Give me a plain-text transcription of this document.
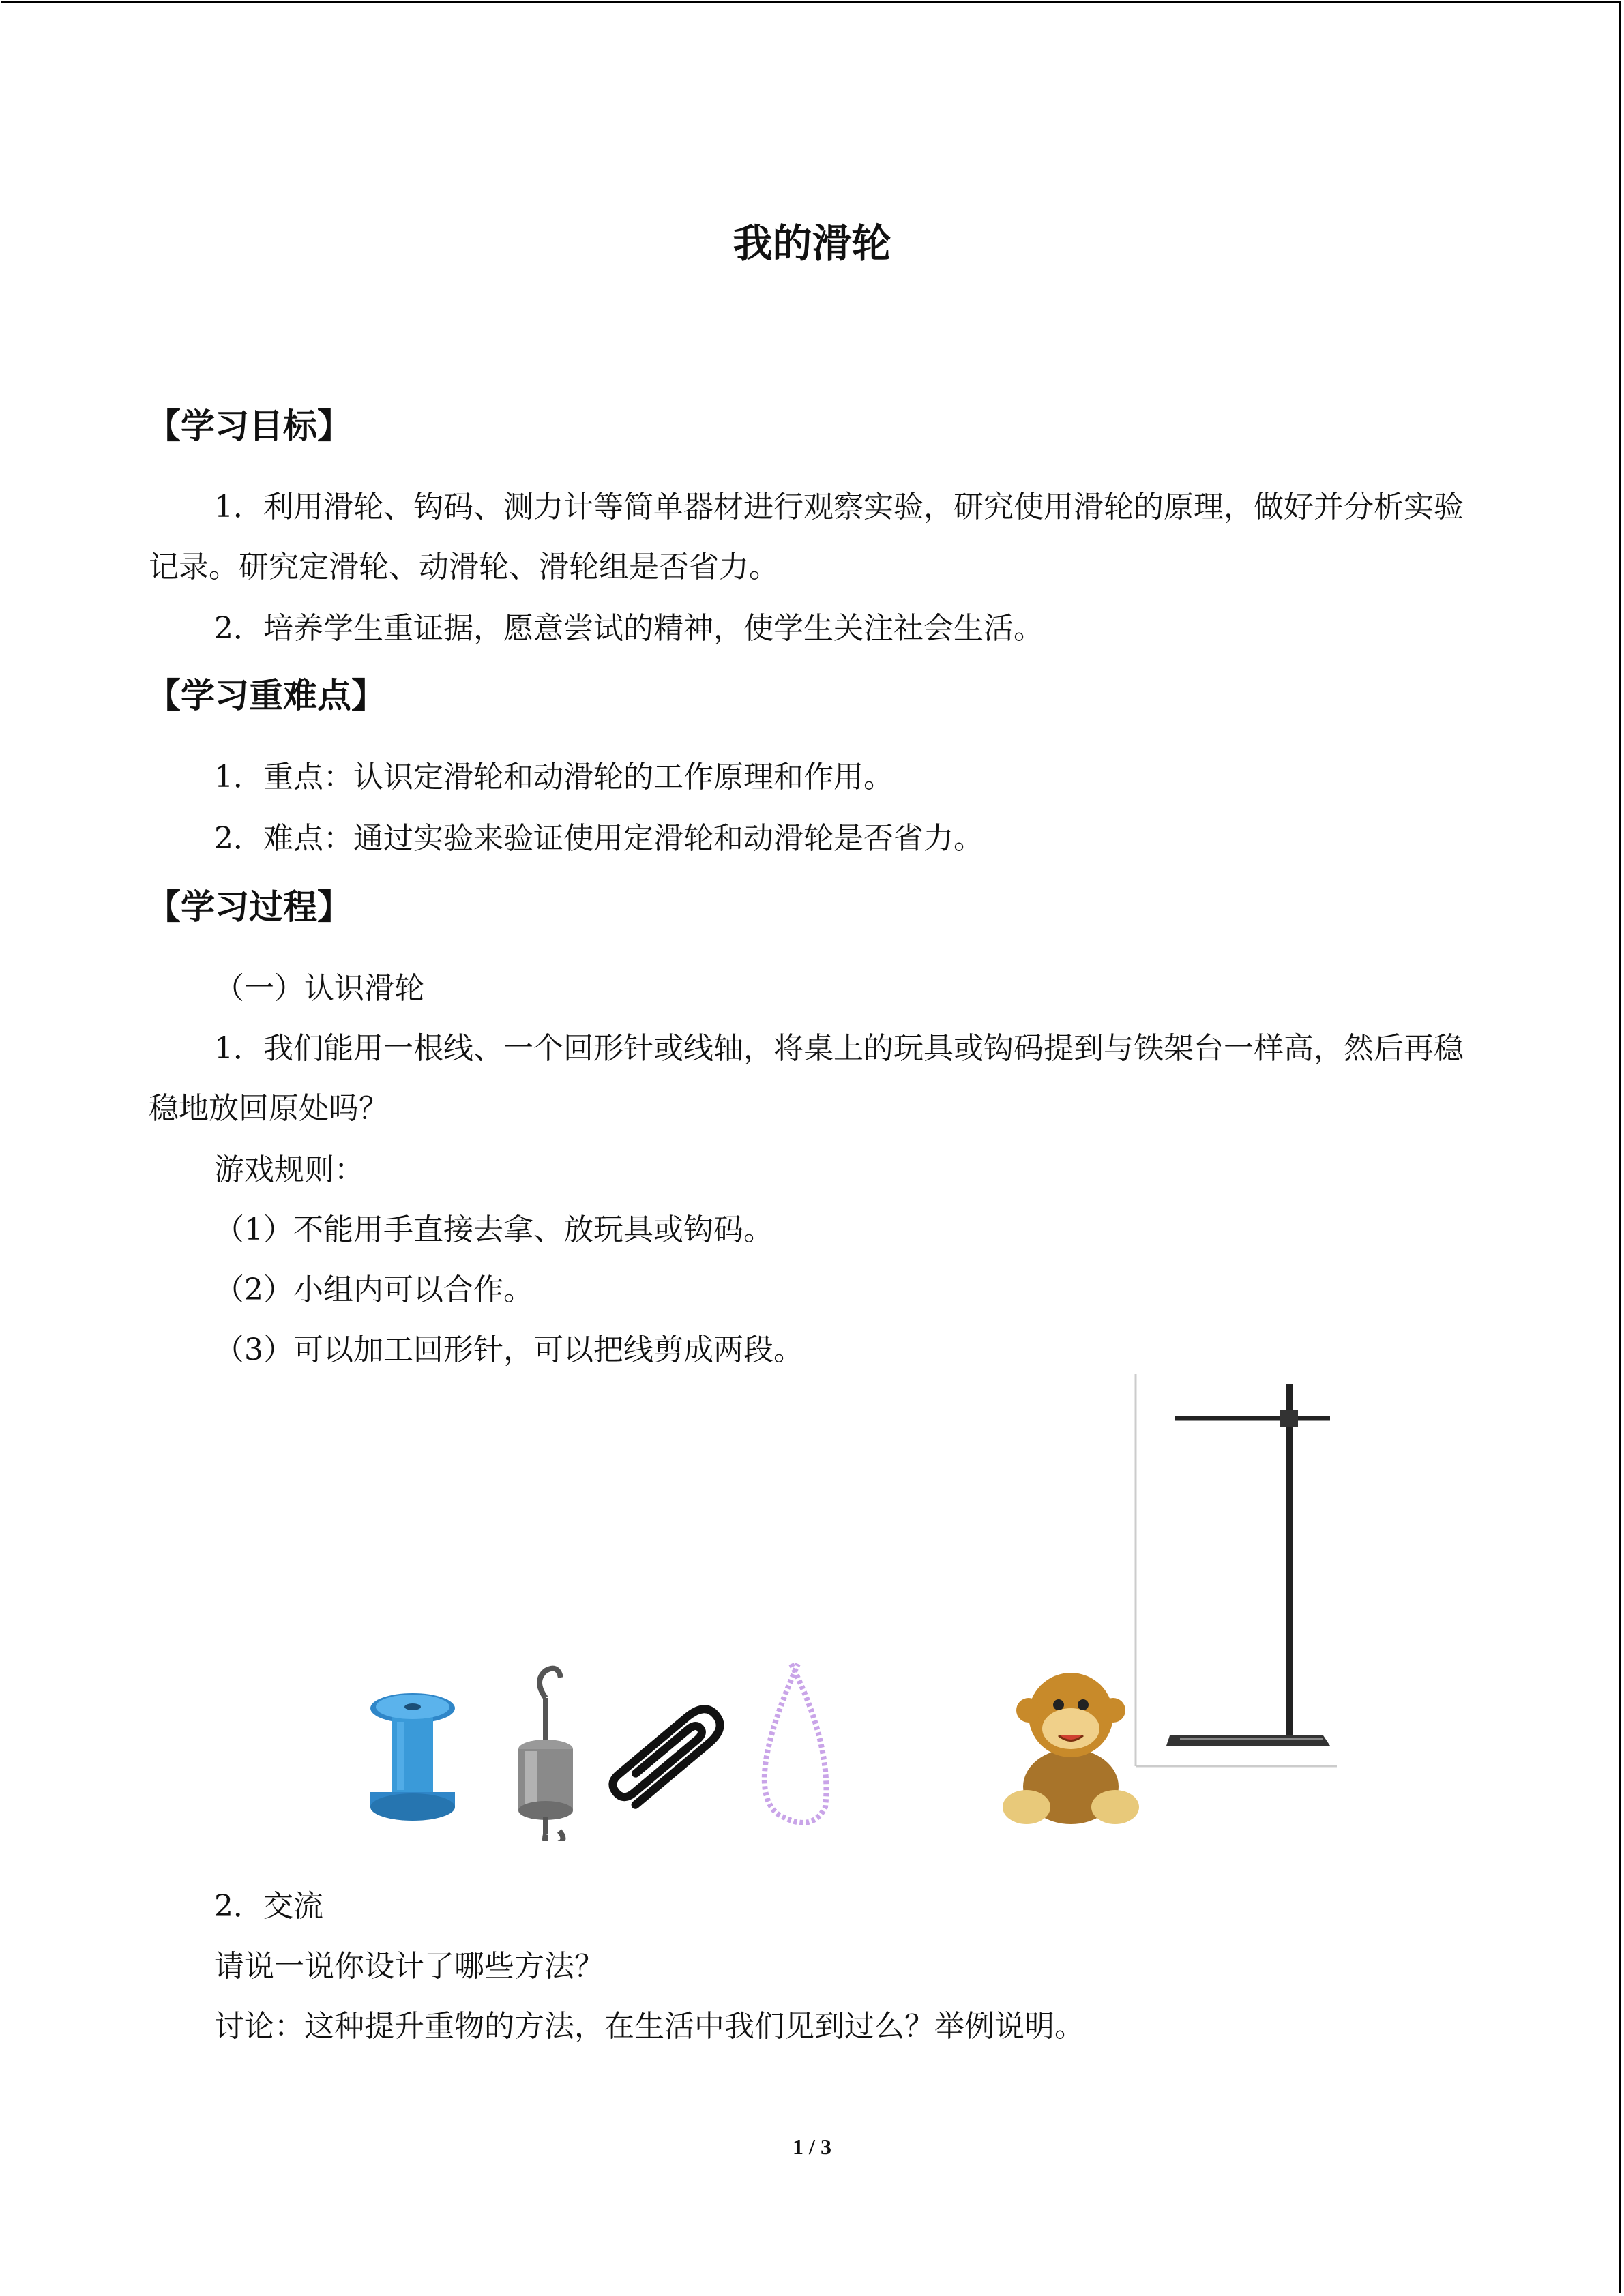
我的滑轮
【学习目标】

1．利用滑轮、钩码、测力计等简单器材进行观察实验，研究使用滑轮的原理，做好并分析实验记录。研究定滑轮、动滑轮、滑轮组是否省力。

2．培养学生重证据，愿意尝试的精神，使学生关注社会生活。
【学习重难点】
1．重点：认识定滑轮和动滑轮的工作原理和作用。
2．难点：通过实验来验证使用定滑轮和动滑轮是否省力。
【学习过程】
（一）认识滑轮

1．我们能用一根线、一个回形针或线轴，将桌上的玩具或钩码提到与铁架台一样高，然后再稳稳地放回原处吗？

游戏规则：
（1）不能用手直接去拿、放玩具或钩码。
（2）小组内可以合作。
（3）可以加工回形针，可以把线剪成两段。
2．交流
请说一说你设计了哪些方法？
讨论：这种提升重物的方法，在生活中我们见到过么？举例说明。
1 / 3
